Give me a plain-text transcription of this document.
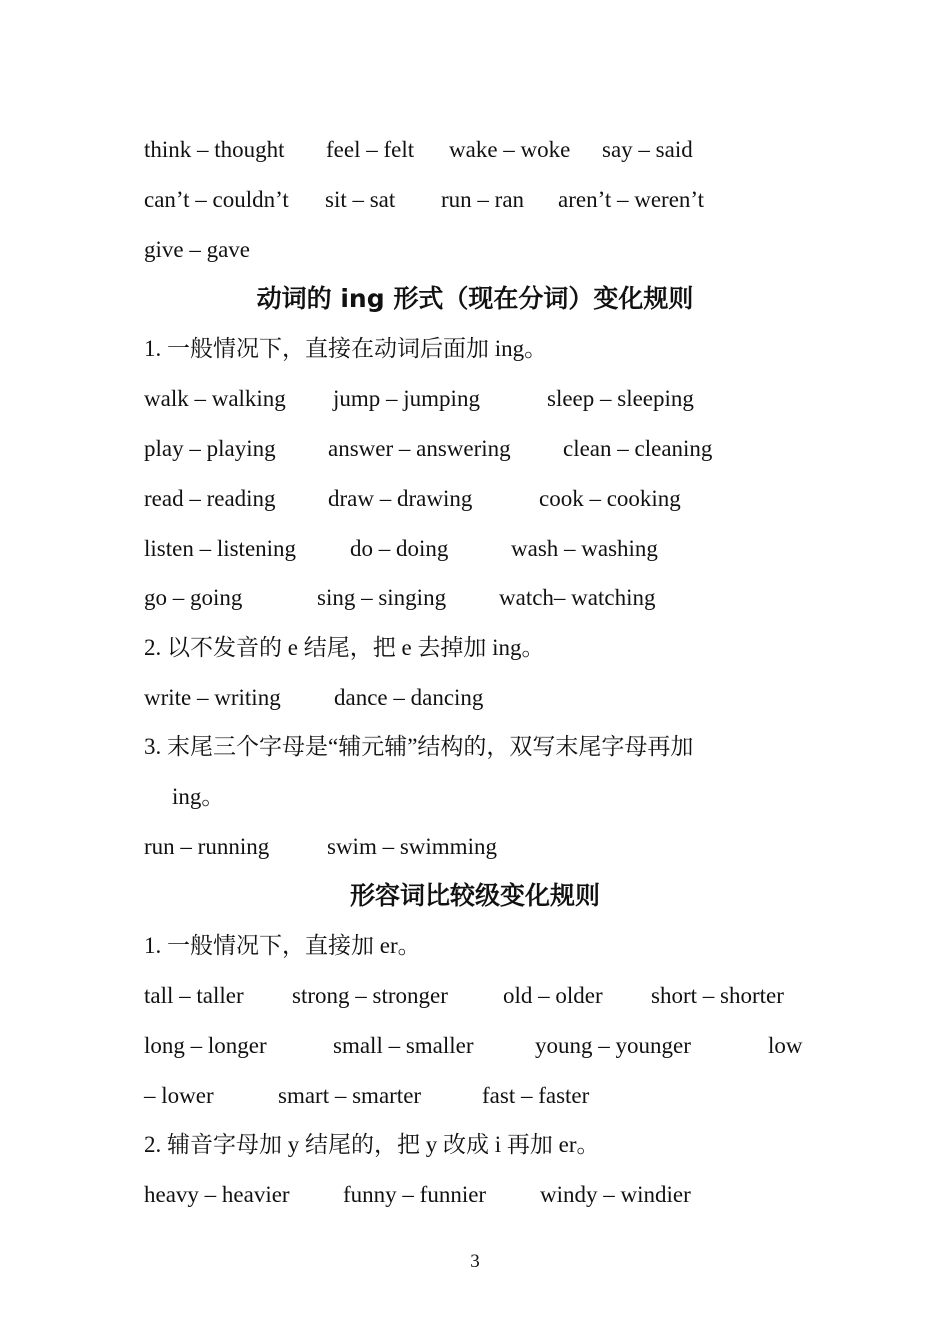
think – thought

feel – felt

wake – woke

say – said

can’t – couldn’t

sit – sat

run – ran

aren’t – weren’t

give – gave

动词的 ing 形式（现在分词）变化规则
1. 一般情况下，直接在动词后面加 ing。

walk – walking

jump – jumping

	sleep – sleeping

play – playing

answer – answering

clean – cleaning

read – reading

draw – drawing

	cook – cooking

listen – listening

do – doing

	wash – washing

go – going

	sing – singing

watch– watching

2. 以不发音的 e 结尾，把 e 去掉加 ing。

write – writing

dance – dancing

3. 末尾三个字母是“辅元辅”结构的，双写末尾字母再加
ing。

run – running

	swim – swimming

形容词比较级变化规则
1. 一般情况下，直接加 er。

tall – taller

strong – stronger

old – older

short – shorter

long – longer

	small – smaller

	young – younger

	low

– lower

	smart – smarter

	fast – faster

2. 辅音字母加 y 结尾的，把 y 改成 i 再加 er。

heavy – heavier

funny – funnier

windy – windier

3
